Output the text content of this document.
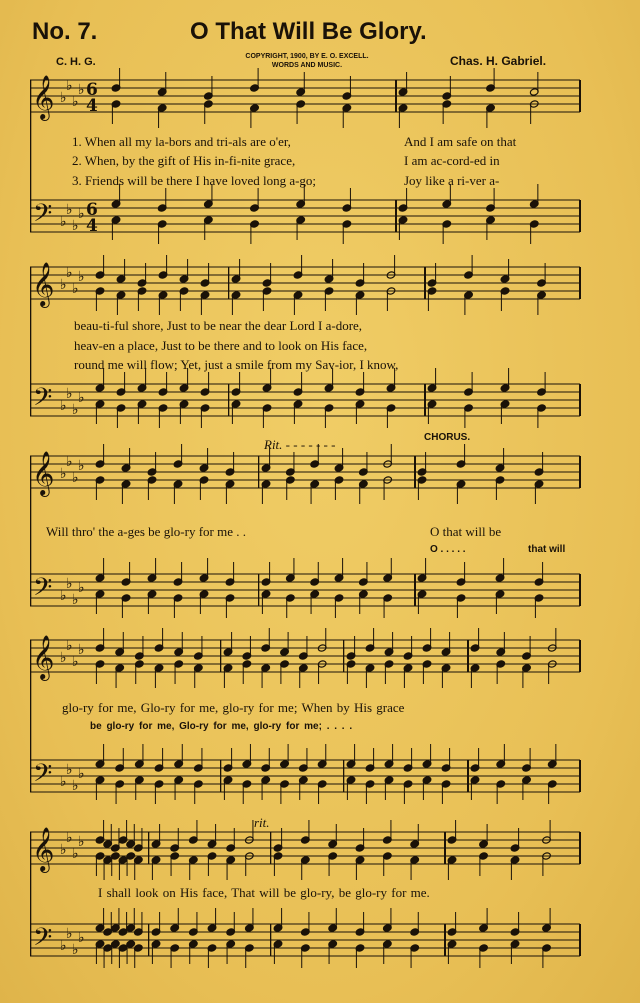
No. 7.	O That Will Be Glory.
C. H. G.	COPYRIGHT, 1900, BY E. O. EXCELL.
WORDS AND MUSIC.	Chas. H. Gabriel.
𝄞
𝄢
♭
♭
♭
♭
♭
♭
♭
♭
6
4
6
4
𝄞
𝄢
♭
♭
♭
♭
♭
♭
♭
♭
𝄞
𝄢
♭
♭
♭
♭
♭
♭
♭
♭
𝄞
𝄢
♭
♭
♭
♭
♭
♭
♭
♭
𝄞
𝄢
♭
♭
♭
♭
♭
♭
♭
♭
1. When all my la-bors and tri-als are o'er,	And I am safe on that
2. When, by the gift of His in-fi-nite grace,	I am ac-cord-ed in
3. Friends will be there I have loved long a-go;	Joy like a ri-ver a-
beau-ti-ful shore, Just to be near the dear Lord I a-dore,
heav-en a place, Just to be there and to look on His face,
round me will flow; Yet, just a smile from my Sav-ior, I know,
Rit. - - - - - - -	CHORUS.
Will thro' the a-ges be glo-ry for me . .	O that will be
O . . . . .	that will
glo-ry for me, Glo-ry for me, glo-ry for me; When by His grace
be glo-ry for me, Glo-ry for me, glo-ry for me; . . . .
rit.
I shall look on His face, That will be glo-ry, be glo-ry for me.
